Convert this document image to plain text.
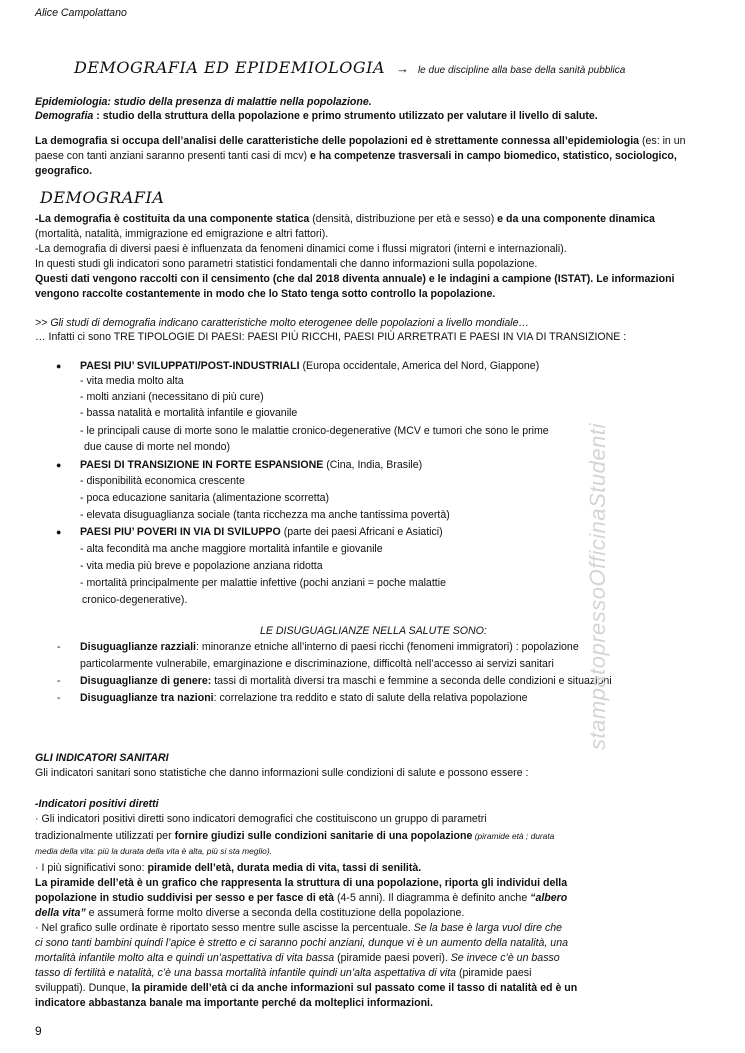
Alice Campolattano
DEMOGRAFIA ED EPIDEMIOLOGIA → le due discipline alla base della sanità pubblica
Epidemiologia: studio della presenza di malattie nella popolazione.
Demografia : studio della struttura della popolazione e primo strumento utilizzato per valutare il livello di salute.
La demografia si occupa dell’analisi delle caratteristiche delle popolazioni ed è strettamente connessa all’epidemiologia (es: in un
paese con tanti anziani saranno presenti tanti casi di mcv) e ha competenze trasversali in campo biomedico, statistico, sociologico,
geografico.
DEMOGRAFIA
-La demografia è costituita da una componente statica (densità, distribuzione per età e sesso) e da una componente dinamica
(mortalità, natalità, immigrazione ed emigrazione e altri fattori).
-La demografia di diversi paesi è influenzata da fenomeni dinamici come i flussi migratori (interni e internazionali).
In questi studi gli indicatori sono parametri statistici fondamentali che danno informazioni sulla popolazione.
Questi dati vengono raccolti con il censimento (che dal 2018 diventa annuale) e le indagini a campione (ISTAT). Le informazioni
vengono raccolte costantemente in modo che lo Stato tenga sotto controllo la popolazione.
>> Gli studi di demografia indicano caratteristiche molto eterogenee delle popolazioni a livello mondiale…
… Infatti ci sono TRE TIPOLOGIE DI PAESI: PAESI PIÙ RICCHI, PAESI PIÙ ARRETRATI E PAESI IN VIA DI TRANSIZIONE :
● PAESI PIU’ SVILUPPATI/POST-INDUSTRIALI (Europa occidentale, America del Nord, Giappone)
- vita media molto alta
- molti anziani (necessitano di più cure)
- bassa natalità e mortalità infantile e giovanile
- le principali cause di morte sono le malattie cronico-degenerative (MCV e tumori che sono le prime
due cause di morte nel mondo)
● PAESI DI TRANSIZIONE IN FORTE ESPANSIONE (Cina, India, Brasile)
- disponibilità economica crescente
- poca educazione sanitaria (alimentazione scorretta)
- elevata disuguaglianza sociale (tanta ricchezza ma anche tantissima povertà)
● PAESI PIU’ POVERI IN VIA DI SVILUPPO (parte dei paesi Africani e Asiatici)
- alta fecondità ma anche maggiore mortalità infantile e giovanile
- vita media più breve e popolazione anziana ridotta
- mortalità principalmente per malattie infettive (pochi anziani = poche malattie
cronico-degenerative).
LE DISUGUAGLIANZE NELLA SALUTE SONO:
- Disuguaglianze razziali: minoranze etniche all’interno di paesi ricchi (fenomeni immigratori) : popolazione
particolarmente vulnerabile, emarginazione e discriminazione, difficoltà nell’accesso ai servizi sanitari
- Disuguaglianze di genere: tassi di mortalità diversi tra maschi e femmine a seconda delle condizioni e situazioni
- Disuguaglianze tra nazioni: correlazione tra reddito e stato di salute della relativa popolazione
GLI INDICATORI SANITARI
Gli indicatori sanitari sono statistiche che danno informazioni sulle condizioni di salute e possono essere :
-Indicatori positivi diretti
· Gli indicatori positivi diretti sono indicatori demografici che costituiscono un gruppo di parametri
tradizionalmente utilizzati per fornire giudizi sulle condizioni sanitarie di una popolazione (piramide età ; durata
media della vita: più la durata della vita è alta, più si sta meglio).
· I più significativi sono: piramide dell’età, durata media di vita, tassi di senilità.
La piramide dell’età è un grafico che rappresenta la struttura di una popolazione, riporta gli individui della
popolazione in studio suddivisi per sesso e per fasce di età (4-5 anni). Il diagramma è definito anche “albero
della vita” e assumerà forme molto diverse a seconda della costituzione della popolazione.
· Nel grafico sulle ordinate è riportato sesso mentre sulle ascisse la percentuale. Se la base è larga vuol dire che
ci sono tanti bambini quindi l’apice è stretto e ci saranno pochi anziani, dunque vi è un aumento della natalità, una
mortalità infantile molto alta e quindi un’aspettativa di vita bassa (piramide paesi poveri). Se invece c’è un basso
tasso di fertilità e natalità, c’è una bassa mortalità infantile quindi un’alta aspettativa di vita (piramide paesi
sviluppati). Dunque, la piramide dell’età ci da anche informazioni sul passato come il tasso di natalità ed è un
indicatore abbastanza banale ma importante perché da molteplici informazioni.
9
stampatopressoOfficinaStudenti
